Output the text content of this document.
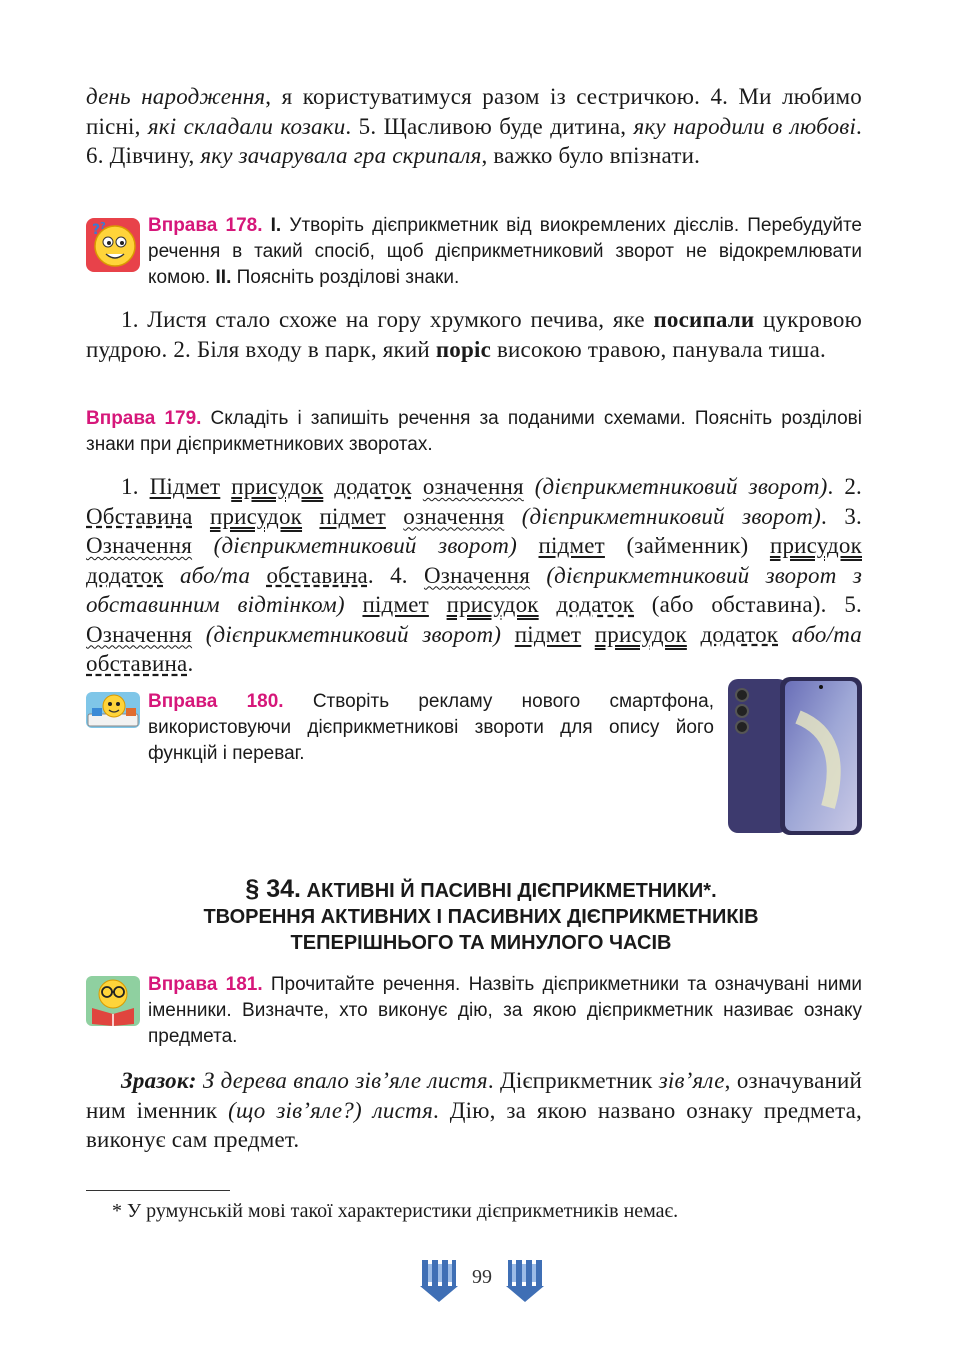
день народження, я користуватимуся разом із сестричкою. 4. Ми любимо пісні, які складали козаки. 5. Щасливою буде дитина, яку народили в любові. 6. Дівчину, яку зачарувала гра скрипаля, важко було впізнати.
? ? Вправа 178. I. Утворіть дієприкметник від виокремлених дієслів. Перебудуйте речення в такий спосіб, щоб дієприкметниковий зворот не відокремлювати комою. II. Поясніть розділові знаки.
1. Листя стало схоже на гору хрумкого печива, яке посипали цукровою пудрою. 2. Біля входу в парк, який поріс високою травою, панувала тиша.
Вправа 179. Складіть і запишіть речення за поданими схемами. Поясніть розділові знаки при дієприкметникових зворотах.
1. Підмет присудок додаток означення (дієприкметниковий зворот). 2. Обставина присудок підмет означення (дієприкметниковий зворот). 3. Означення (дієприкметниковий зворот) підмет (займенник) присудок додаток або/та обставина. 4. Означення (дієприкметниковий зворот з обставинним відтінком) підмет присудок додаток (або обставина). 5. Означення (дієприкметниковий зворот) підмет присудок додаток або/та обставина.
Вправа 180. Створіть рекламу нового смартфона, використовуючи дієприкметникові звороти для опису його функцій і переваг.
§ 34. АКТИВНІ Й ПАСИВНІ ДІЄПРИКМЕТНИКИ*.
ТВОРЕННЯ АКТИВНИХ І ПАСИВНИХ ДІЄПРИКМЕТНИКІВ
ТЕПЕРІШНЬОГО ТА МИНУЛОГО ЧАСІВ
Вправа 181. Прочитайте речення. Назвіть дієприкметники та означувані ними іменники. Визначте, хто виконує дію, за якою дієприкметник називає ознаку предмета.
Зразок: З дерева впало зів’яле листя. Дієприкметник зів’яле, означуваний ним іменник (що зів’яле?) листя. Дію, за якою названо ознаку предмета, виконує сам предмет.
* У румунській мові такої характеристики дієприкметників немає.
99
